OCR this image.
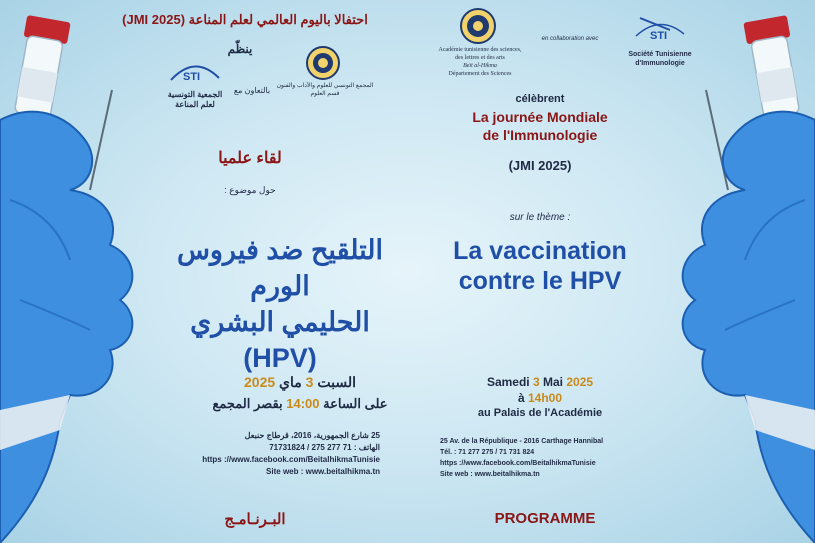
احتفالا باليوم العالمي لعلم المناعة (JMI 2025)
ينظّم
STI
الجمعية التونسية
لعلم المناعة
بالتعاون مع	المجمع التونسي للعلوم والآداب والفنون
قسم العلوم
لقاء علميا
حول موضوع :
التلقيح ضد فيروس الورم
الحليمي البشري (HPV)
السبت 3 ماي 2025
على الساعة 14:00 بقصر المجمع
25 شارع الجمهورية، 2016، قرطاج حنبعل
الهاتف : 71 277 275 / 71731824
https ://www.facebook.com/BeitalhikmaTunisie
Site web : www.beitalhikma.tn
البـرنـامـج
Académie tunisienne des sciences,
des lettres et des arts
Beït al-Hikma
Département des Sciences
en collaboration avec	STI
Société Tunisienne
d'Immunologie
célèbrent
La journée Mondiale
de l'Immunologie
(JMI 2025)
sur le thème :
La vaccination
contre le HPV
Samedi 3 Mai 2025
à 14h00
au Palais de l'Académie
25 Av. de la République - 2016 Carthage Hannibal
Tél. : 71 277 275 / 71 731 824
https ://www.facebook.com/BeitalhikmaTunisie
Site web : www.beitalhikma.tn
PROGRAMME
